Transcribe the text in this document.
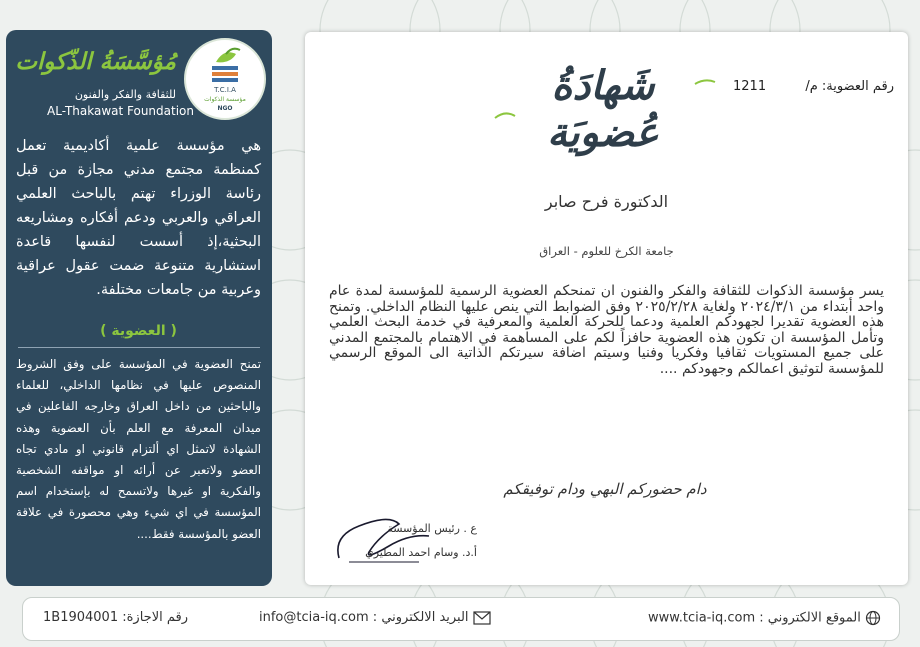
T.C.I.A
مؤسسة الذكوات
NGO
مُؤسَّسَةُ الذّكوات
للثقافة والفكر والفنون
AL-Thakawat Foundation
هي مؤسسة علمية أكاديمية تعمل كمنظمة مجتمع مدني مجازة من قبل رئاسة الوزراء تهتم بالباحث العلمي العراقي والعربي ودعم أفكاره ومشاريعه البحثية،إذ أسست لنفسها قاعدة استشارية متنوعة ضمت عقول عراقية وعربية من جامعات مختلفة.
( العضوية )
تمنح العضوية في المؤسسة على وفق الشروط المنصوص عليها في نظامها الداخلي، للعلماء والباحثين من داخل العراق وخارجه الفاعلين في ميدان المعرفة مع العلم بأن العضوية وهذه الشهادة لاتمثل اي ألتزام قانوني او مادي تجاه العضو ولاتعبر عن أرائه او مواقفه الشخصية والفكرية او غيرها ولاتسمح له بإستخدام اسم المؤسسة في اي شيء وهي محصورة في علاقة العضو بالمؤسسة فقط....
رقم العضوية: م/
1211
شَهادَةُ عُضويَة
الدكتورة فرح صابر
جامعة الكرخ للعلوم - العراق
يسر مؤسسة الذكوات للثقافة والفكر والفنون ان تمنحكم العضوية الرسمية للمؤسسة لمدة عام واحد أبتداء من ٢٠٢٤/٣/١ ولغاية ٢٠٢٥/٢/٢٨ وفق الضوابط التي ينص عليها النظام الداخلي. وتمنح هذه العضوية تقديرا لجهودكم العلمية ودعما للحركة العلمية والمعرفية في خدمة البحث العلمي وتأمل المؤسسة ان تكون هذه العضوية حافزاً لكم على المساهمة في الاهتمام بالمجتمع المدني على جميع المستويات ثقافيا وفكريا وفنيا وسيتم اضافة سيرتكم الذاتية الى الموقع الرسمي للمؤسسة لتوثيق اعمالكم وجهودكم ....
دام حضوركم البهي ودام توفيقكم
ع . رئيس المؤسسة
أ.د. وسام احمد المطيري
الموقع الالكتروني : www.tcia-iq.com
info@tcia-iq.com : البريد الالكتروني
1B1904001 :رقم الاجازة
